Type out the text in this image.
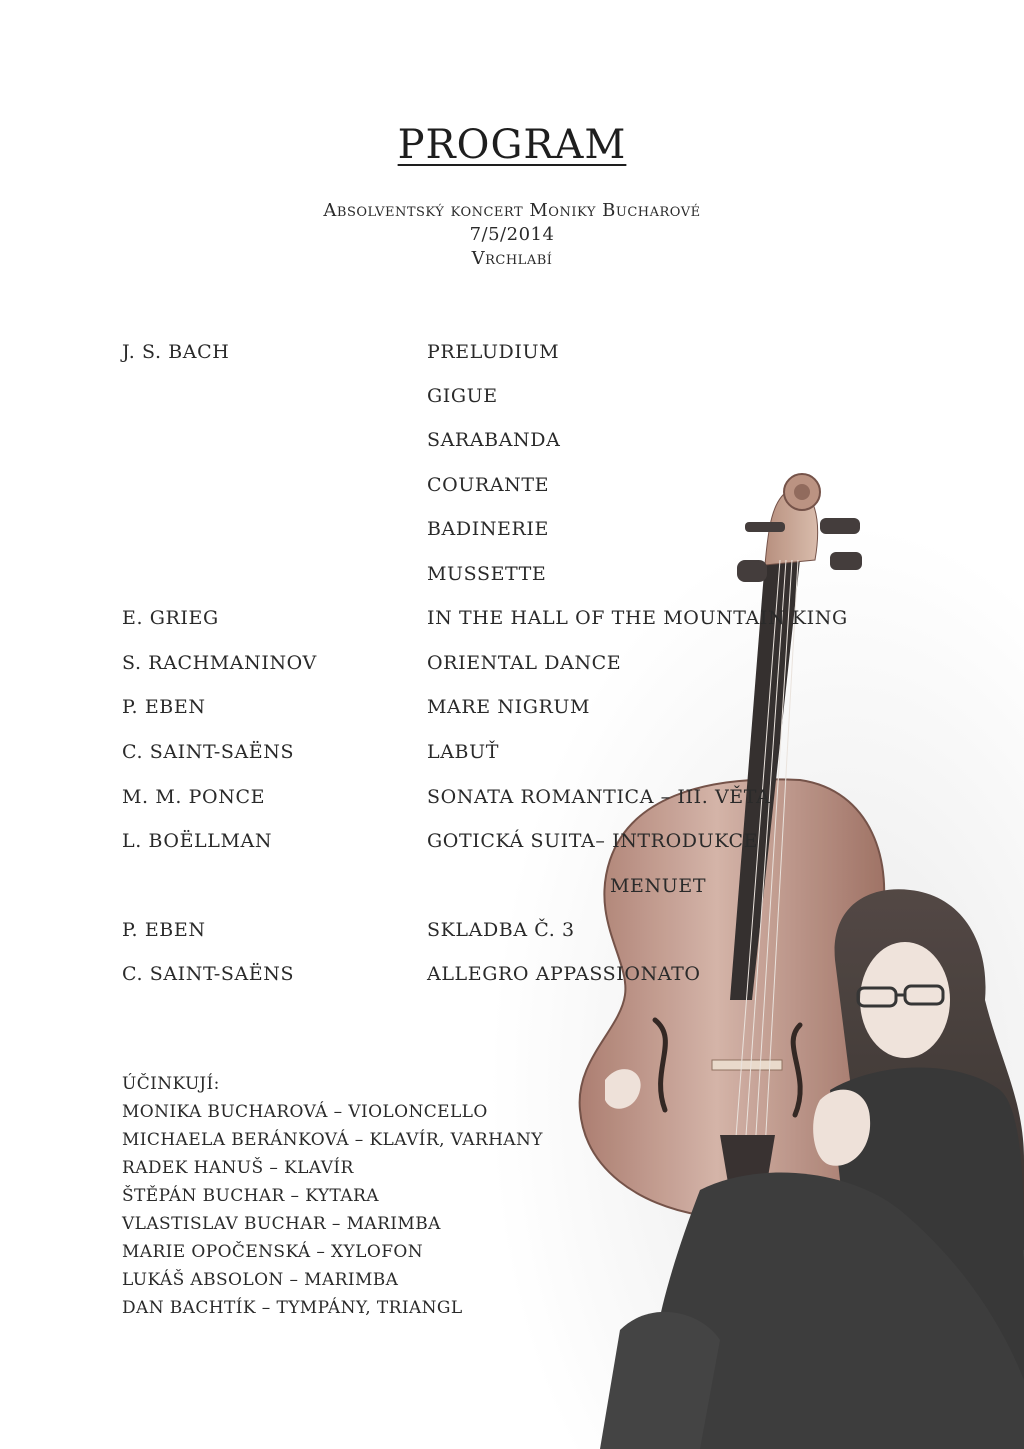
PROGRAM
Absolventský koncert Moniky Bucharové
7/5/2014
Vrchlabí
J. S. BACH	PRELUDIUM
GIGUE
SARABANDA
COURANTE
BADINERIE
MUSSETTE
E. GRIEG	IN THE HALL OF THE MOUNTAIN KING
S. RACHMANINOV	ORIENTAL DANCE
P. EBEN	MARE NIGRUM
C. SAINT-SAËNS	LABUŤ
M. M. PONCE	SONATA ROMANTICA – III. VĚTA
L. BOËLLMAN	GOTICKÁ SUITA– INTRODUKCE
MENUET
P. EBEN	SKLADBA Č. 3
C. SAINT-SAËNS	ALLEGRO APPASSIONATO
ÚČINKUJÍ:
MONIKA BUCHAROVÁ – VIOLONCELLO
MICHAELA BERÁNKOVÁ – KLAVÍR, VARHANY
RADEK HANUŠ – KLAVÍR
ŠTĚPÁN BUCHAR – KYTARA
VLASTISLAV BUCHAR – MARIMBA
MARIE OPOČENSKÁ – XYLOFON
LUKÁŠ ABSOLON – MARIMBA
DAN BACHTÍK – TYMPÁNY, TRIANGL
